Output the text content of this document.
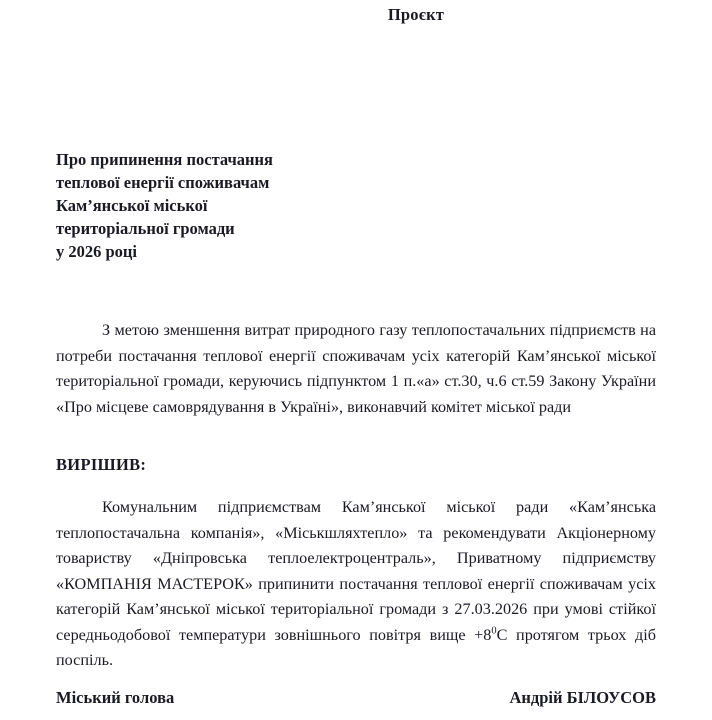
Проєкт
Про припинення постачання
теплової енергії споживачам
Кам’янської міської
територіальної громади
у 2026 році

З метою зменшення витрат природного газу теплопостачальних підприємств на потреби постачання теплової енергії споживачам усіх категорій Кам’янської міської територіальної громади, керуючись підпунктом 1 п.«а» ст.30, ч.6 ст.59 Закону України «Про місцеве самоврядування в Україні», виконавчий комітет міської ради

ВИРІШИВ:

Комунальним підприємствам Кам’янської міської ради «Кам’янська теплопостачальна компанія», «Міськшляхтепло» та рекомендувати Акціонерному товариству «Дніпровська теплоелектроцентраль», Приватному підприємству «КОМПАНІЯ МАСТЕРОК» припинити постачання теплової енергії споживачам усіх категорій Кам’янської міської територіальної громади з 27.03.2026 при умові стійкої середньодобової температури зовнішнього повітря вище $+8^0С$ протягом трьох діб поспіль.

Міський голова	Андрій БІЛОУСОВ
